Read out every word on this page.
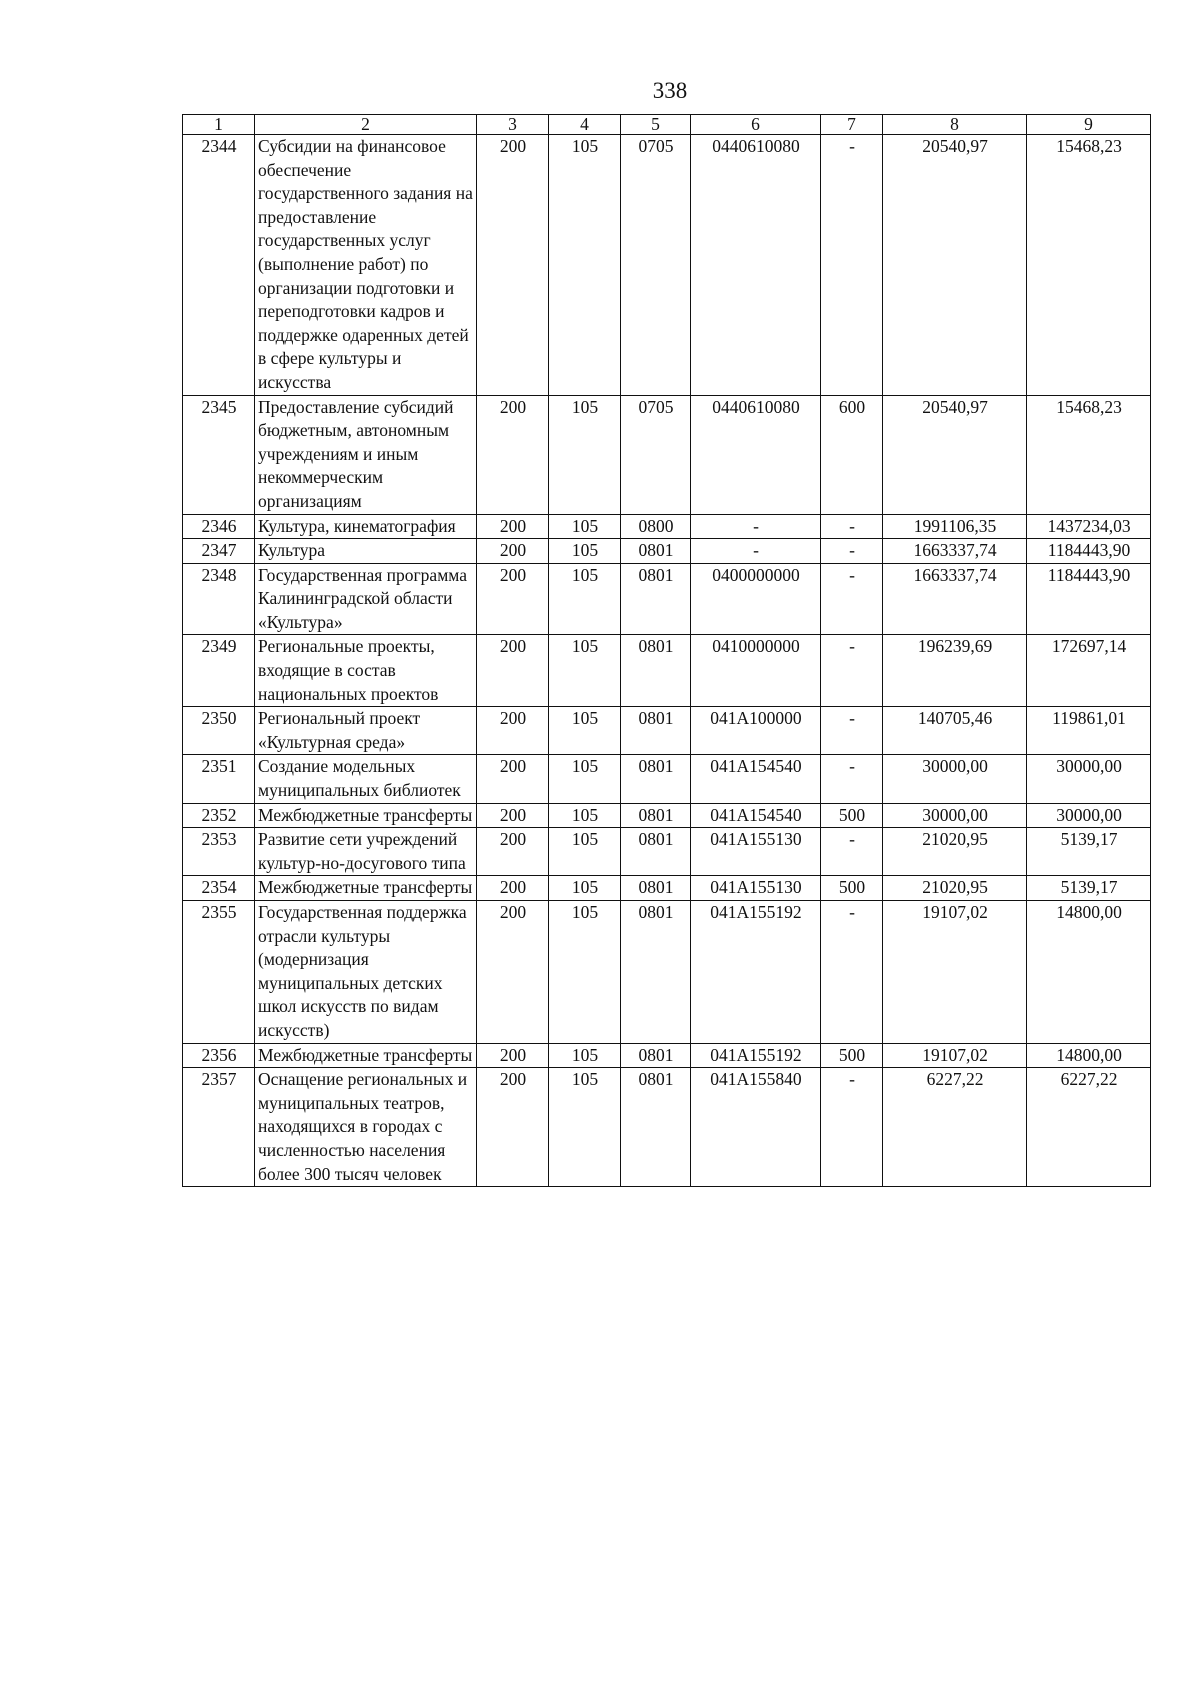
338
1	2	3	4	5	6	7	8	9
2344	Субсидии на финансовое обеспечение государственного задания на предоставление государственных услуг (выполнение работ) по организации подготовки и переподготовки кадров и поддержке одаренных детей в сфере культуры и искусства	200	105	0705	0440610080	-	20540,97	15468,23
2345	Предоставление субсидий бюджетным, автономным учреждениям и иным некоммерческим организациям	200	105	0705	0440610080	600	20540,97	15468,23
2346	Культура, кинематография	200	105	0800	-	-	1991106,35	1437234,03
2347	Культура	200	105	0801	-	-	1663337,74	1184443,90
2348	Государственная программа Калининградской области «Культура»	200	105	0801	0400000000	-	1663337,74	1184443,90
2349	Региональные проекты, входящие в состав национальных проектов	200	105	0801	0410000000	-	196239,69	172697,14
2350	Региональный проект «Культурная среда»	200	105	0801	041A100000	-	140705,46	119861,01
2351	Создание модельных муниципальных библиотек	200	105	0801	041A154540	-	30000,00	30000,00
2352	Межбюджетные трансферты	200	105	0801	041A154540	500	30000,00	30000,00
2353	Развитие сети учреждений культур-но-досугового типа	200	105	0801	041A155130	-	21020,95	5139,17
2354	Межбюджетные трансферты	200	105	0801	041A155130	500	21020,95	5139,17
2355	Государственная поддержка отрасли культуры (модернизация муниципальных детских школ искусств по видам искусств)	200	105	0801	041A155192	-	19107,02	14800,00
2356	Межбюджетные трансферты	200	105	0801	041A155192	500	19107,02	14800,00
2357	Оснащение региональных и муниципальных театров, находящихся в городах с численностью населения более 300 тысяч человек	200	105	0801	041A155840	-	6227,22	6227,22
